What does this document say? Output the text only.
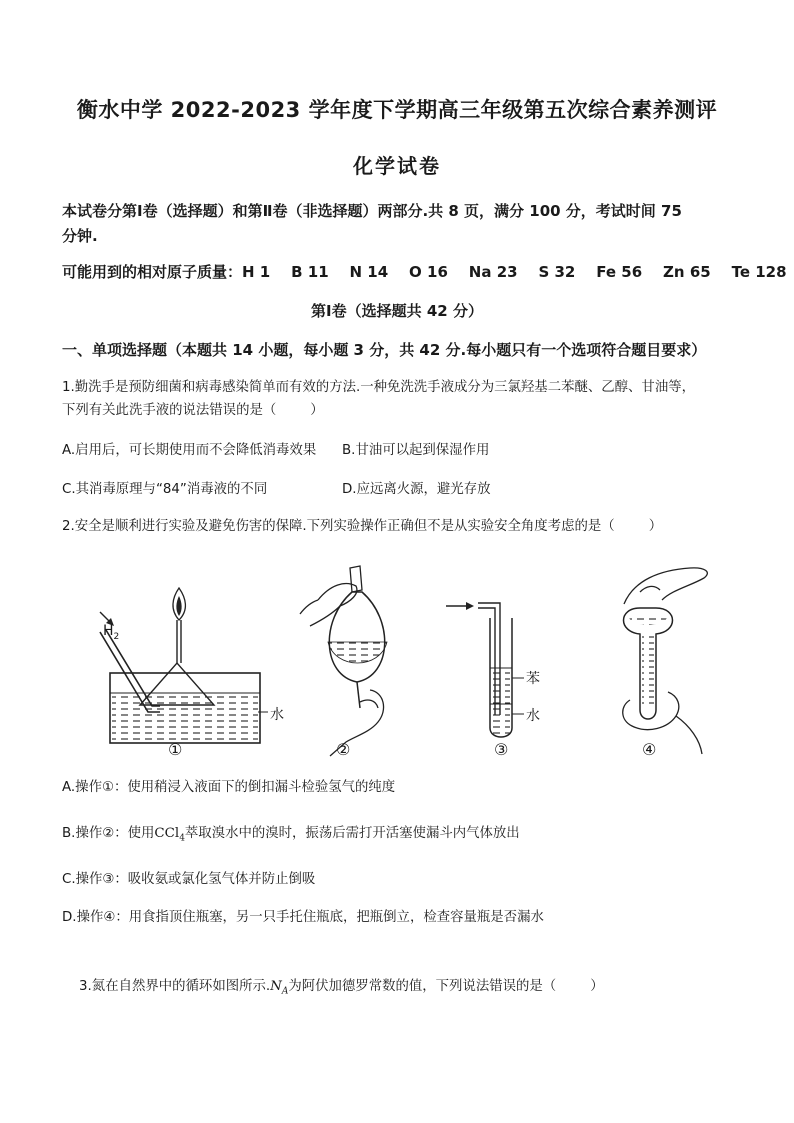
衡水中学 2022-2023 学年度下学期高三年级第五次综合素养测评
化学试卷
本试卷分第Ⅰ卷（选择题）和第Ⅱ卷（非选择题）两部分.共 8 页，满分 100 分，考试时间 75
分钟.
可能用到的相对原子质量：H 1    B 11    N 14    O 16    Na 23    S 32    Fe 56    Zn 65    Te 128
第Ⅰ卷（选择题共 42 分）
一、单项选择题（本题共 14 小题，每小题 3 分，共 42 分.每小题只有一个选项符合题目要求）
1.勤洗手是预防细菌和病毒感染简单而有效的方法.一种免洗洗手液成分为三氯羟基二苯醚、乙醇、甘油等，
下列有关此洗手液的说法错误的是（        ）
A.启用后，可长期使用而不会降低消毒效果	B.甘油可以起到保湿作用
C.其消毒原理与“84”消毒液的不同	D.应远离火源，避光存放
2.安全是顺利进行实验及避免伤害的保障.下列实验操作正确但不是从实验安全角度考虑的是（        ）
$H_2$
水
苯
水
①	②	③	④
A.操作①：使用稍浸入液面下的倒扣漏斗检验氢气的纯度
B.操作②：使用CCl$_4$萃取溴水中的溴时，振荡后需打开活塞使漏斗内气体放出
C.操作③：吸收氨或氯化氢气体并防止倒吸
D.操作④：用食指顶住瓶塞，另一只手托住瓶底，把瓶倒立，检查容量瓶是否漏水

3.氮在自然界中的循环如图所示$.N_A$为阿伏加德罗常数的值，下列说法错误的是（        ）
